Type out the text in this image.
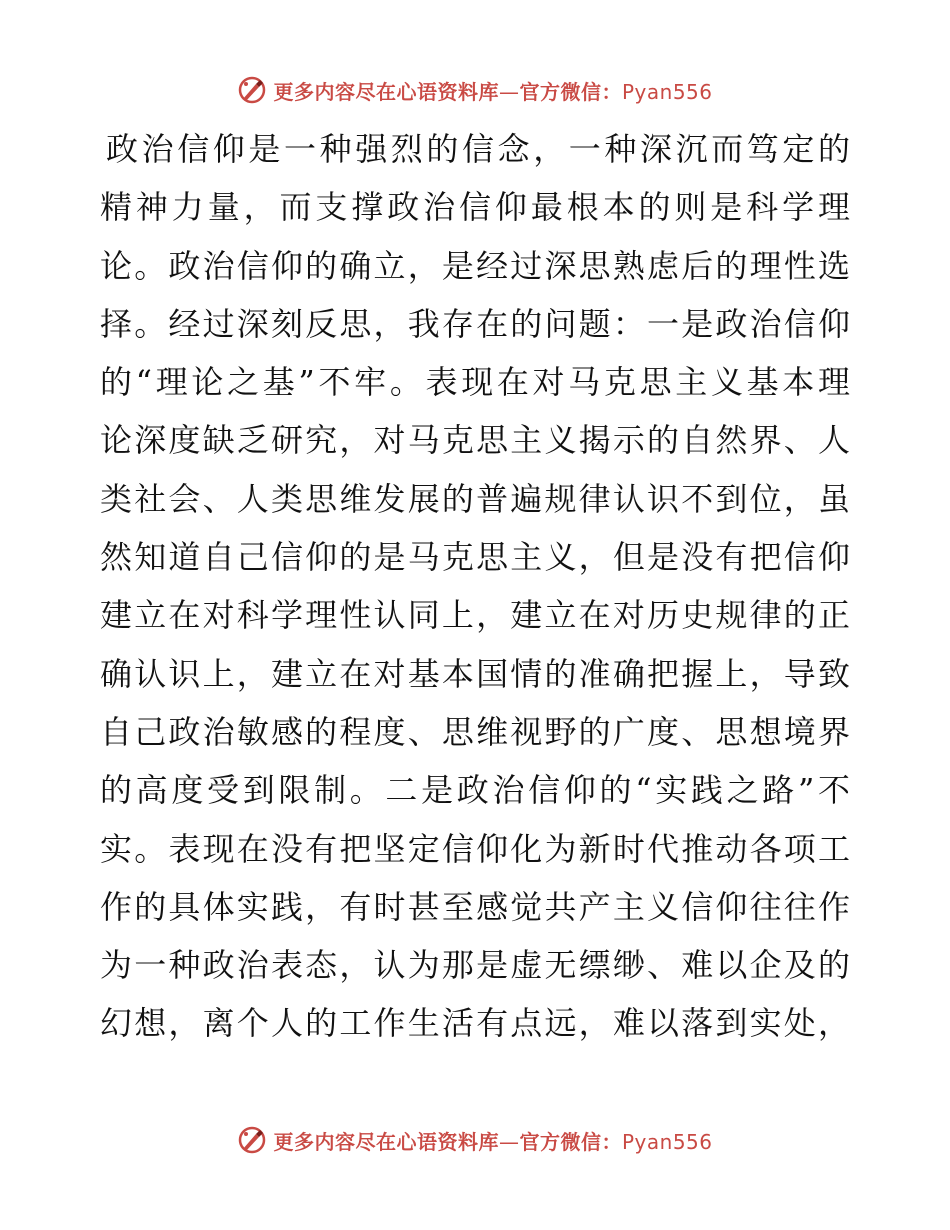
更多内容尽在心语资料库—官方微信：Pyan556
政治信仰是一种强烈的信念，一种深沉而笃定的
精神力量，而支撑政治信仰最根本的则是科学理
论。政治信仰的确立，是经过深思熟虑后的理性选
择。经过深刻反思，我存在的问题：一是政治信仰
的“理论之基”不牢。表现在对马克思主义基本理
论深度缺乏研究，对马克思主义揭示的自然界、人
类社会、人类思维发展的普遍规律认识不到位，虽
然知道自己信仰的是马克思主义，但是没有把信仰
建立在对科学理性认同上，建立在对历史规律的正
确认识上，建立在对基本国情的准确把握上，导致
自己政治敏感的程度、思维视野的广度、思想境界
的高度受到限制。二是政治信仰的“实践之路”不
实。表现在没有把坚定信仰化为新时代推动各项工
作的具体实践，有时甚至感觉共产主义信仰往往作
为一种政治表态，认为那是虚无缥缈、难以企及的
幻想，离个人的工作生活有点远，难以落到实处，
更多内容尽在心语资料库—官方微信：Pyan556
